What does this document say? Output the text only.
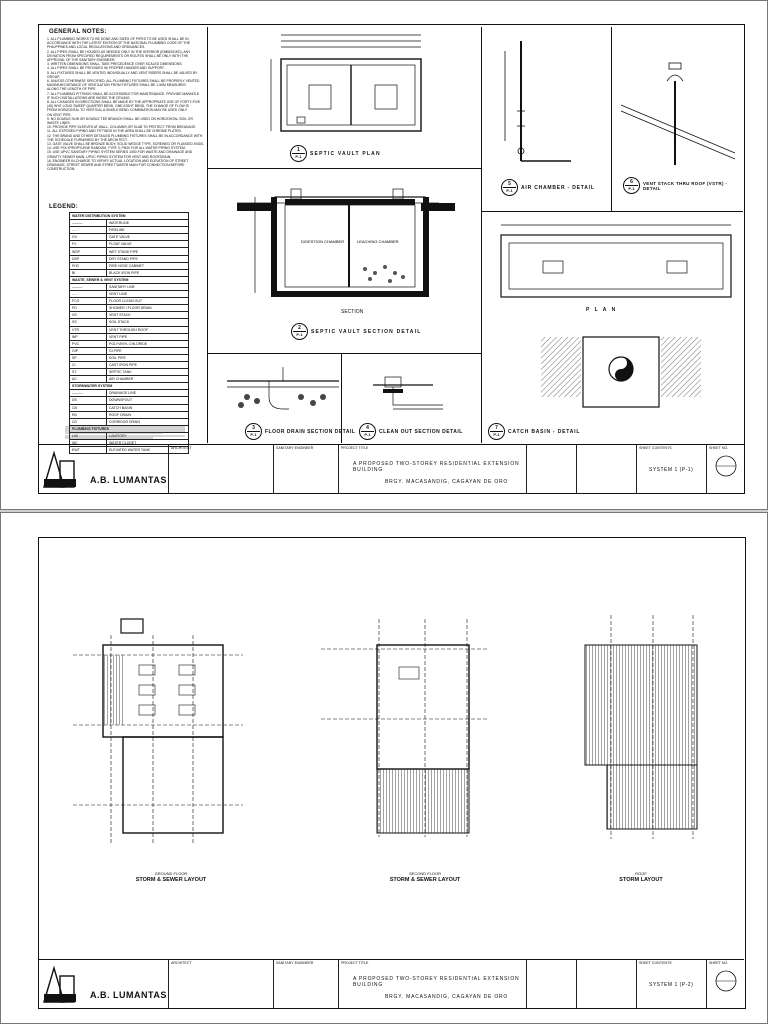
GENERAL NOTES:
1. ALL PLUMBING WORKS TO BE DONE AND SIZES OF PIPES TO BE USED SHALL BE IN
ACCORDANCE WITH THE LATEST EDITION OF THE NATIONAL PLUMBING CODE OF THE
PHILIPPINES AND LOCAL REGULATIONS AND ORDINANCES.
2. ALL PIPES SHALL BE HOUSED AS NEEDED ONLY IN THE INTERIOR (EMBEDDED), ANY
DEVIATION FROM SPECIFIED REQUIREMENTS OR ROUTES SHALL BE ONLY WITH THE
APPROVAL OF THE SANITARY ENGINEER.
3. WRITTEN DIMENSIONS SHALL TAKE PRECEDENCE OVER SCALED DIMENSIONS.
4. ALL PIPES SHALL BE PROVIDED W/ PROPER HANGER AND SUPPORT.
5. ALL FIXTURES SHALL BE VENTED INDIVIDUALLY AND VENT RISERS SHALL BE VALVED BY
GROUP.
6. UNLESS OTHERWISE SPECIFIED, ALL PLUMBING FIXTURES SHALL BE PROPERLY VENTED.
MAXIMUM DISTANCE OF VENTILATION FROM FIXTURES SHALL BE 1.50M MEASURED
ALONG THE LENGTH OF PIPE.
7. ALL PLUMBING FITTINGS SHALL BE ACCESSIBLE FOR MAINTENANCE. PROVIDE MANHOLE
IF SUCH INSTALLATIONS ARE INSIDE THE CEILING.
8. ALL CHANGES IN DIRECTIONS SHALL BE MADE BY THE APPROPRIATE USE OF FORTY-FIVE
(45) WYE LONG SWEEP QUARTER BEND, ONE-EIGHT BEND, THE CHANGE OF FLOW IS
FROM HORIZONTAL TO VERTICAL A SINGLE BEND COMBINATION MAY BE USED ONLY
ON VENT PIPE.
9. NO DOUBLE HUB OR DOUBLE TEE BRANCH SHALL BE USED ON HORIZONTAL SOIL OR
WASTE LINES.
10. PROVIDE PIPE SLEEVES AT WALL, COLUMNS OR SLAB TO PROTECT FROM BREAKAGE.
11. ALL EXPOSED PIPING AND FITTINGS IN THE AREA SHALL BE CHROME PLATED.
12. THE BRAND AND OTHER DETAILED PLUMBING FIXTURES SHALL BE IN ACCORDANCE WITH
THE SCHEDULE FURNISHED BY THE ARCHITECT.
13. GATE VALVE SHALL BE BRONZE BODY, SOLID WEDGE TYPE, SCREWED OR FLANGED ENDS.
14. USE POLYPROPYLENE RANDOM, TYPE 3, PN20 FOR ALL WATER PIPING SYSTEM.
15. USE UPVC SANITARY PIPING SYSTEM SERIES 1000 FOR WASTE AND DRAINAGE AND
GRAVITY SEWER MAIN. UPVC PIPING SYSTEM FOR VENT AND ROOFDRAIN.
16. ENGINEER IN-CHARGE TO VERIFY ACTUAL LOCATION AND ELEVATION OF STREET
DRAINAGE, STREET SEWER AND STREET WATER MAIN FOR CONNECTION BEFORE
CONSTRUCTION.
LEGEND:
WATER DISTRIBUTION SYSTEM	
———	WATERLINE
- - -	FIRELINE
GV	GATE VALVE
FV	FLOAT VALVE
WSP	WET STAND PIPE
DSP	DRY STAND PIPE
FHC	FIRE HOSE CABINET
BI	BLACK IRON PIPE
WASTE, SEWER & VENT SYSTEM	
———	SANITARY LINE
- - -	VENT LINE
FCO	FLOOR CLEAN OUT
FD	SHOWER / FLOOR DRAIN
VS	VENT STACK
SS	SOIL STACK
VTR	VENT THROUGH ROOF
WP	VENT PIPE
PVC	POLYVINYL CHLORIDE
GIP	GI PIPE
SP	SOIL PIPE
CI	CAST IRON PIPE
ST	SEPTIC TANK
AC	AIR CHAMBER
STORMWATER SYSTEM	
———	DRAINAGE LINE
DS	DOWNSPOUT
CB	CATCH BASIN
RD	ROOF DRAIN
CD	CORRIDOR DRAIN
PLUMBING FIXTURES	
LAV	LAVATORY
WC	WATER CLOSET
EWT	ELEVATED WATER TANK
1
P-1 SEPTIC VAULT PLAN
DIGESTION CHAMBER	LEACHING CHAMBER
SECTION
2
P-1 SEPTIC VAULT SECTION DETAIL
3
P-1 FLOOR DRAIN SECTION DETAIL
4
P-1 CLEAN OUT SECTION DETAIL
5
P-1 AIR CHAMBER - DETAIL
6
P-1
VENT STACK THRU ROOF (VSTR) - DETAIL
P L A N
7
P-1 CATCH BASIN - DETAIL
A.B. LUMANTAS
ARCHITECT	SANITARY ENGINEER	PROJECT TITLE
A PROPOSED TWO-STOREY RESIDENTIAL EXTENSION BUILDING
BRGY. MACASANDIG, CAGAYAN DE ORO
SHEET CONTENTS
SYSTEM 1 (P-1)
SHEET NO.
GROUND FLOOR
STORM & SEWER LAYOUT
SECOND FLOOR
STORM & SEWER LAYOUT
ROOF
STORM LAYOUT
A.B. LUMANTAS
ARCHITECT	SANITARY ENGINEER	PROJECT TITLE
A PROPOSED TWO-STOREY RESIDENTIAL EXTENSION BUILDING
BRGY. MACASANDIG, CAGAYAN DE ORO
SHEET CONTENTS
SYSTEM 1 (P-2)
SHEET NO.
